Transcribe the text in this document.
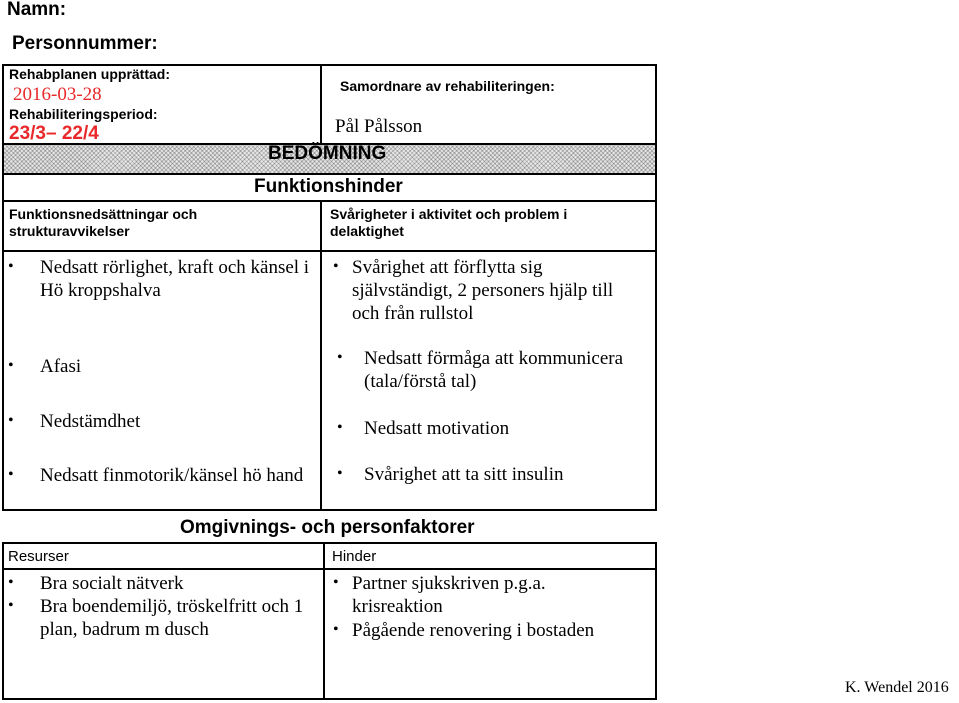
Namn:
Personnummer:
Rehabplanen upprättad:
2016-03-28
Rehabiliteringsperiod:
23/3– 22/4
Samordnare av rehabiliteringen:
Pål Pålsson
BEDÖMNING
Funktionshinder
Funktionsnedsättningar och strukturavvikelser
Svårigheter i aktivitet och problem i delaktighet
• Nedsatt rörlighet, kraft och känsel i Hö kroppshalva
• Afasi
• Nedstämdhet
• Nedsatt finmotorik/känsel hö hand
• Svårighet att förflytta sig självständigt, 2 personers hjälp till och från rullstol
• Nedsatt förmåga att kommunicera (tala/förstå tal)
• Nedsatt motivation
• Svårighet att ta sitt insulin
Omgivnings- och personfaktorer
Resurser	Hinder
• Bra socialt nätverk
• Bra boendemiljö, tröskelfritt och 1 plan, badrum m dusch
• Partner sjukskriven p.g.a. krisreaktion
• Pågående renovering i bostaden
K. Wendel 2016
